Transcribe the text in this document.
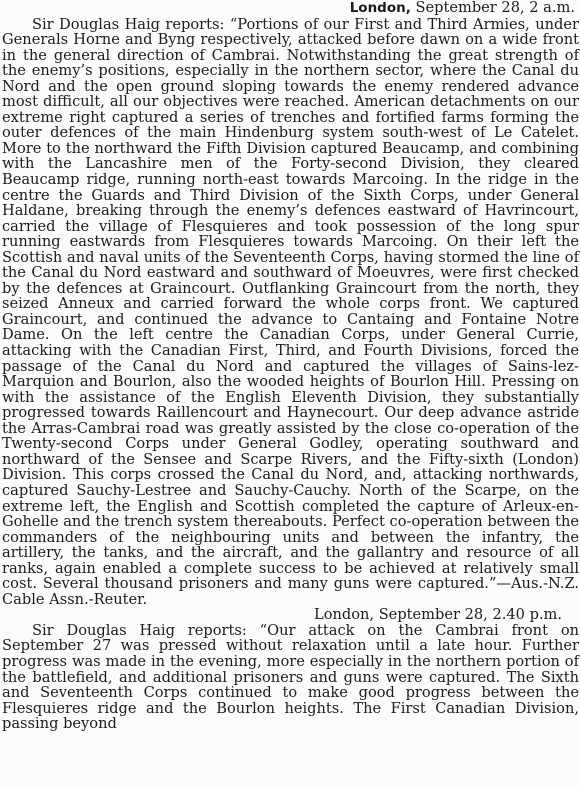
London, September 28, 2 a.m.

Sir Douglas Haig reports: “Portions of our First and Third Armies, under Generals Horne and Byng respectively, attacked before dawn on a wide front in the general direction of Cambrai. Notwithstanding the great strength of the enemy’s positions, especially in the northern sector, where the Canal du Nord and the open ground sloping towards the enemy rendered advance most difficult, all our objectives were reached. American detachments on our extreme right captured a series of trenches and fortified farms forming the outer defences of the main Hindenburg system south-west of Le Catelet. More to the northward the Fifth Division captured Beaucamp, and combining with the Lancashire men of the Forty-second Division, they cleared Beaucamp ridge, running north-east towards Marcoing. In the ridge in the centre the Guards and Third Division of the Sixth Corps, under General Haldane, breaking through the enemy’s defences eastward of Havrincourt, carried the village of Flesquieres and took possession of the long spur running eastwards from Flesquieres towards Marcoing. On their left the Scottish and naval units of the Seventeenth Corps, having stormed the line of the Canal du Nord eastward and southward of Moeuvres, were first checked by the defences at Graincourt. Outflanking Graincourt from the north, they seized Anneux and carried forward the whole corps front. We captured Graincourt, and continued the advance to Cantaing and Fontaine Notre Dame. On the left centre the Canadian Corps, under General Currie, attacking with the Canadian First, Third, and Fourth Divisions, forced the passage of the Canal du Nord and captured the villages of Sains-lez-Marquion and Bourlon, also the wooded heights of Bourlon Hill. Pressing on with the assistance of the English Eleventh Division, they substantially progressed towards Raillencourt and Haynecourt. Our deep advance astride the Arras-Cambrai road was greatly assisted by the close co-operation of the Twenty-second Corps under General Godley, operating southward and northward of the Sensee and Scarpe Rivers, and the Fifty-sixth (London) Division. This corps crossed the Canal du Nord, and, attacking northwards, captured Sauchy-Lestree and Sauchy-Cauchy. North of the Scarpe, on the extreme left, the English and Scottish completed the capture of Arleux-en-Gohelle and the trench system thereabouts. Perfect co-operation between the commanders of the neighbouring units and between the infantry, the artillery, the tanks, and the aircraft, and the gallantry and resource of all ranks, again enabled a complete success to be achieved at relatively small cost. Several thousand prisoners and many guns were captured.”—Aus.-N.Z. Cable Assn.-Reuter.

London, September 28, 2.40 p.m.

Sir Douglas Haig reports: “Our attack on the Cambrai front on September 27 was pressed without relaxation until a late hour. Further progress was made in the evening, more especially in the northern portion of the battlefield, and additional prisoners and guns were captured. The Sixth and Seventeenth Corps continued to make good progress between the Flesquieres ridge and the Bourlon heights. The First Canadian Division, passing beyond
